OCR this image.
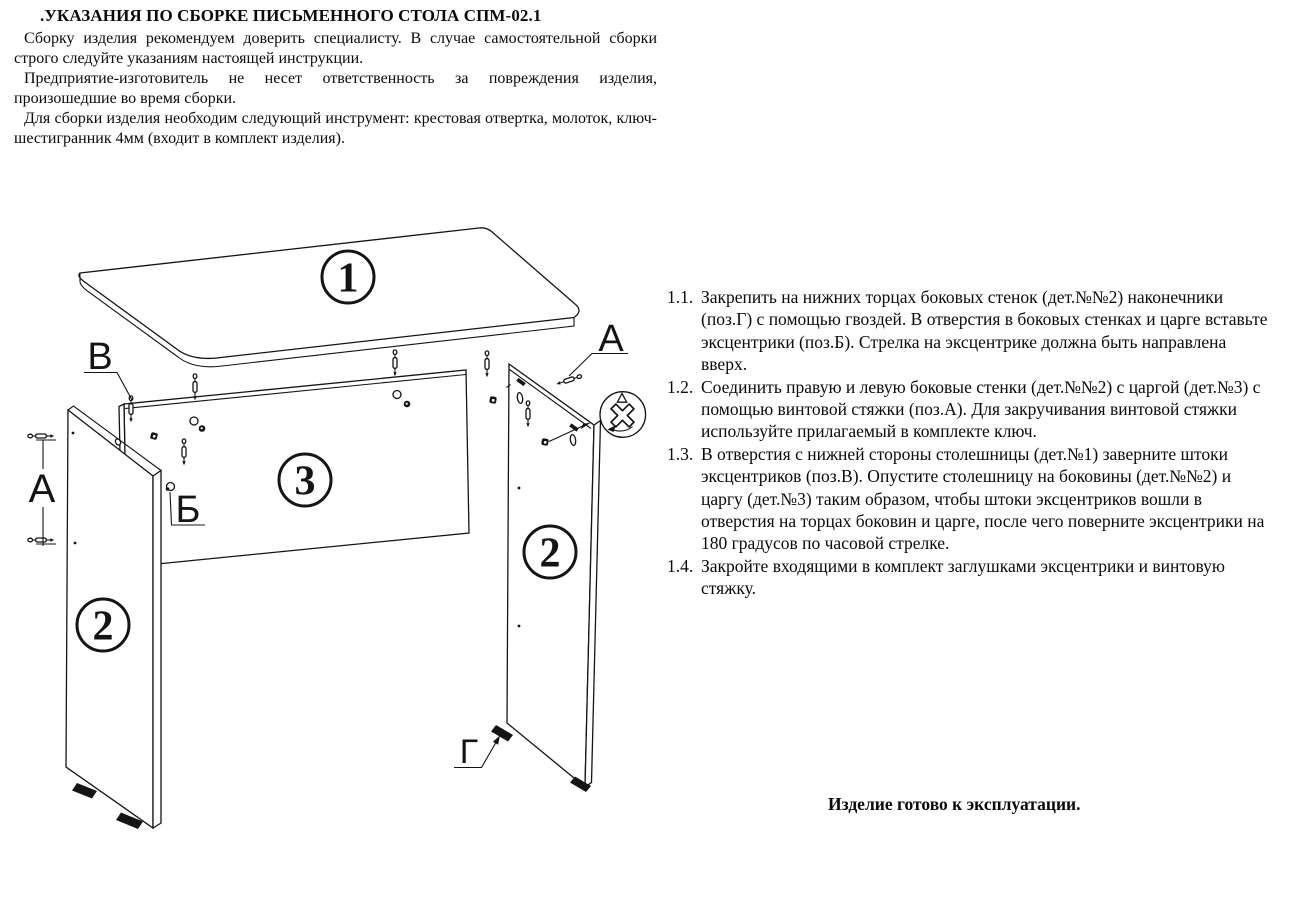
.УКАЗАНИЯ ПО СБОРКЕ ПИСЬМЕННОГО СТОЛА СПМ-02.1

Сборку изделия рекомендуем доверить специалисту. В случае самостоятельной сборки строго следуйте указаниям настоящей инструкции.

Предприятие-изготовитель не несет ответственность за повреждения изделия, произошедшие во время сборки.

Для сборки изделия необходим следующий инструмент: крестовая отвертка, молоток, ключ-шестигранник 4мм (входит в комплект изделия).

1.1. Закрепить на нижних торцах боковых стенок (дет.№№2) наконечники (поз.Г) с помощью гвоздей. В отверстия в боковых стенках и царге вставьте эксцентрики (поз.Б). Стрелка на эксцентрике должна быть направлена вверх.
1.2. Соединить правую и левую боковые стенки (дет.№№2) с царгой (дет.№3) с помощью винтовой стяжки (поз.А). Для закручивания винтовой стяжки используйте прилагаемый в комплекте ключ.
1.3. В отверстия с нижней стороны столешницы (дет.№1) заверните штоки эксцентриков (поз.В). Опустите столешницу на боковины (дет.№№2) и царгу (дет.№3) таким образом, чтобы штоки эксцентриков вошли в отверстия на торцах боковин и царге, после чего поверните эксцентрики на 180 градусов по часовой стрелке.
1.4. Закройте входящими в комплект заглушками эксцентрики и винтовую стяжку.
Изделие готово к эксплуатации.
А
В	А
Б
Г
1
3
2
2
